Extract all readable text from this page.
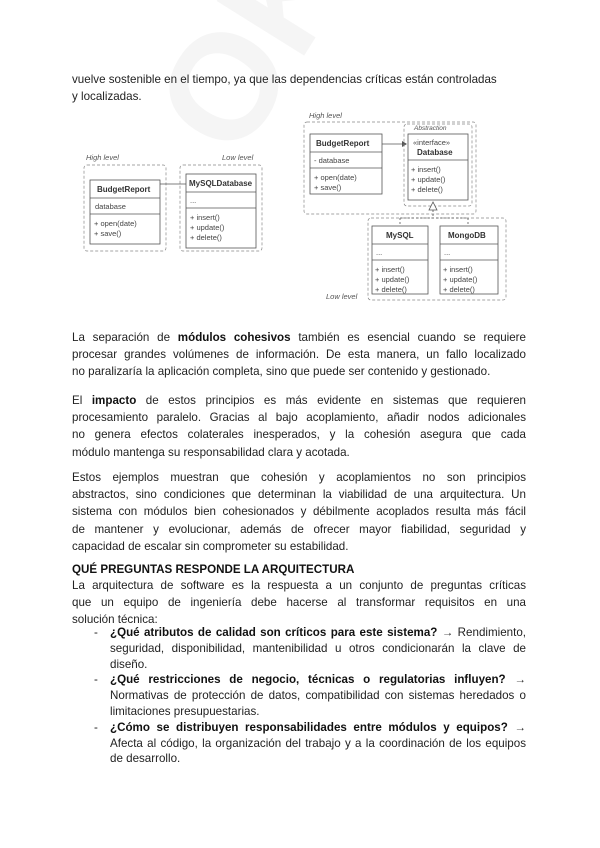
vuelve sostenible en el tiempo, ya que las dependencias críticas están controladas
y localizadas.

High level	Low level
BudgetReport
database
+ open(date)
+ save()
MySQLDatabase
...
+ insert()
+ update()
+ delete()
High level
Abstraction
Low level
BudgetReport
- database
+ open(date)
+ save()
«interface»
Database
+ insert()
+ update()
+ delete()
MySQL
...
+ insert()
+ update()
+ delete()
MongoDB
...
+ insert()
+ update()
+ delete()

La separación de módulos cohesivos también es esencial cuando se requiere
procesar grandes volúmenes de información. De esta manera, un fallo localizado
no paralizaría la aplicación completa, sino que puede ser contenido y gestionado.

El impacto de estos principios es más evidente en sistemas que requieren
procesamiento paralelo. Gracias al bajo acoplamiento, añadir nodos adicionales
no genera efectos colaterales inesperados, y la cohesión asegura que cada
módulo mantenga su responsabilidad clara y acotada.

Estos ejemplos muestran que cohesión y acoplamientos no son principios
abstractos, sino condiciones que determinan la viabilidad de una arquitectura. Un
sistema con módulos bien cohesionados y débilmente acoplados resulta más fácil
de mantener y evolucionar, además de ofrecer mayor fiabilidad, seguridad y
capacidad de escalar sin comprometer su estabilidad.

QUÉ PREGUNTAS RESPONDE LA ARQUITECTURA

La arquitectura de software es la respuesta a un conjunto de preguntas críticas
que un equipo de ingeniería debe hacerse al transformar requisitos en una
solución técnica:

- ¿Qué atributos de calidad son críticos para este sistema? → Rendimiento, seguridad, disponibilidad, mantenibilidad u otros condicionarán la clave de diseño.
- ¿Qué restricciones de negocio, técnicas o regulatorias influyen? → Normativas de protección de datos, compatibilidad con sistemas heredados o limitaciones presupuestarias.
- ¿Cómo se distribuyen responsabilidades entre módulos y equipos? → Afecta al código, la organización del trabajo y a la coordinación de los equipos de desarrollo.
